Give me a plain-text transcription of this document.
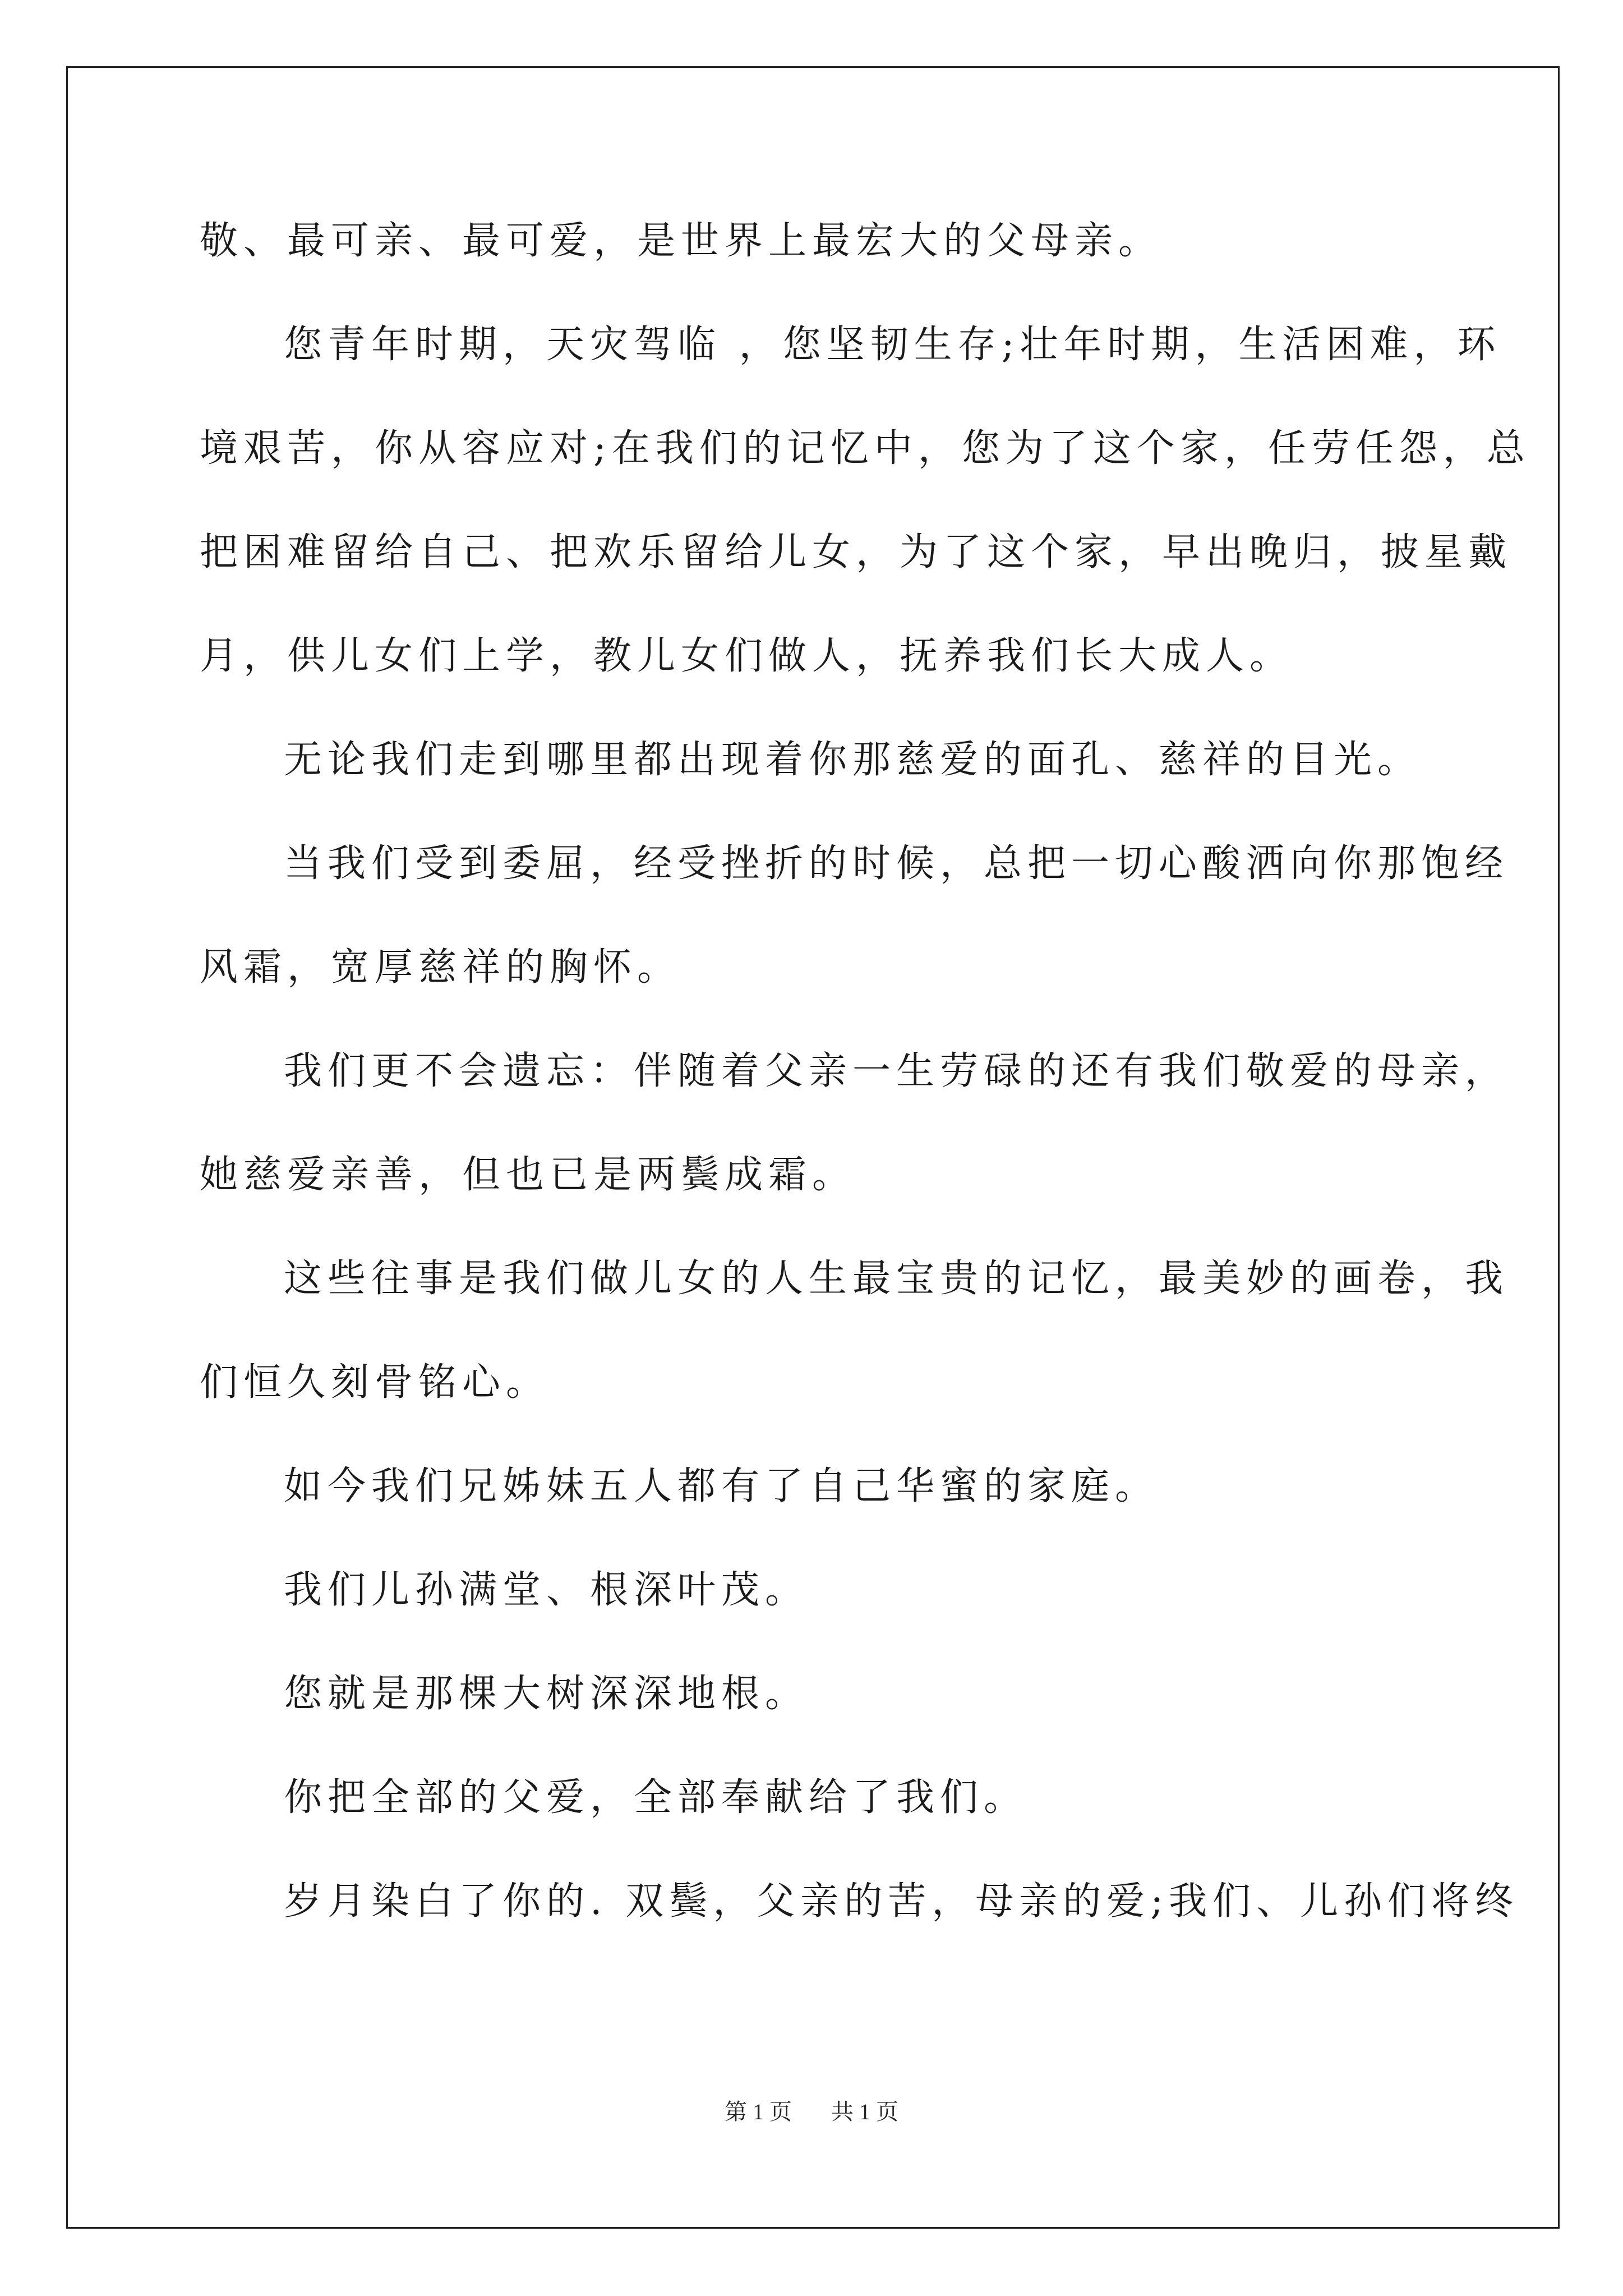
敬、最可亲、最可爱，是世界上最宏大的父母亲。
您青年时期，天灾驾临 ，您坚韧生存;壮年时期，生活困难，环
境艰苦，你从容应对;在我们的记忆中，您为了这个家，任劳任怨，总
把困难留给自己、把欢乐留给儿女，为了这个家，早出晚归，披星戴
月，供儿女们上学，教儿女们做人，抚养我们长大成人。
无论我们走到哪里都出现着你那慈爱的面孔、慈祥的目光。
当我们受到委屈，经受挫折的时候，总把一切心酸洒向你那饱经
风霜，宽厚慈祥的胸怀。
我们更不会遗忘：伴随着父亲一生劳碌的还有我们敬爱的母亲，
她慈爱亲善，但也已是两鬓成霜。
这些往事是我们做儿女的人生最宝贵的记忆，最美妙的画卷，我
们恒久刻骨铭心。
如今我们兄姊妹五人都有了自己华蜜的家庭。
我们儿孙满堂、根深叶茂。
您就是那棵大树深深地根。
你把全部的父爱，全部奉献给了我们。
岁月染白了你的. 双鬓，父亲的苦，母亲的爱;我们、儿孙们将终
第 1 页 共 1 页
